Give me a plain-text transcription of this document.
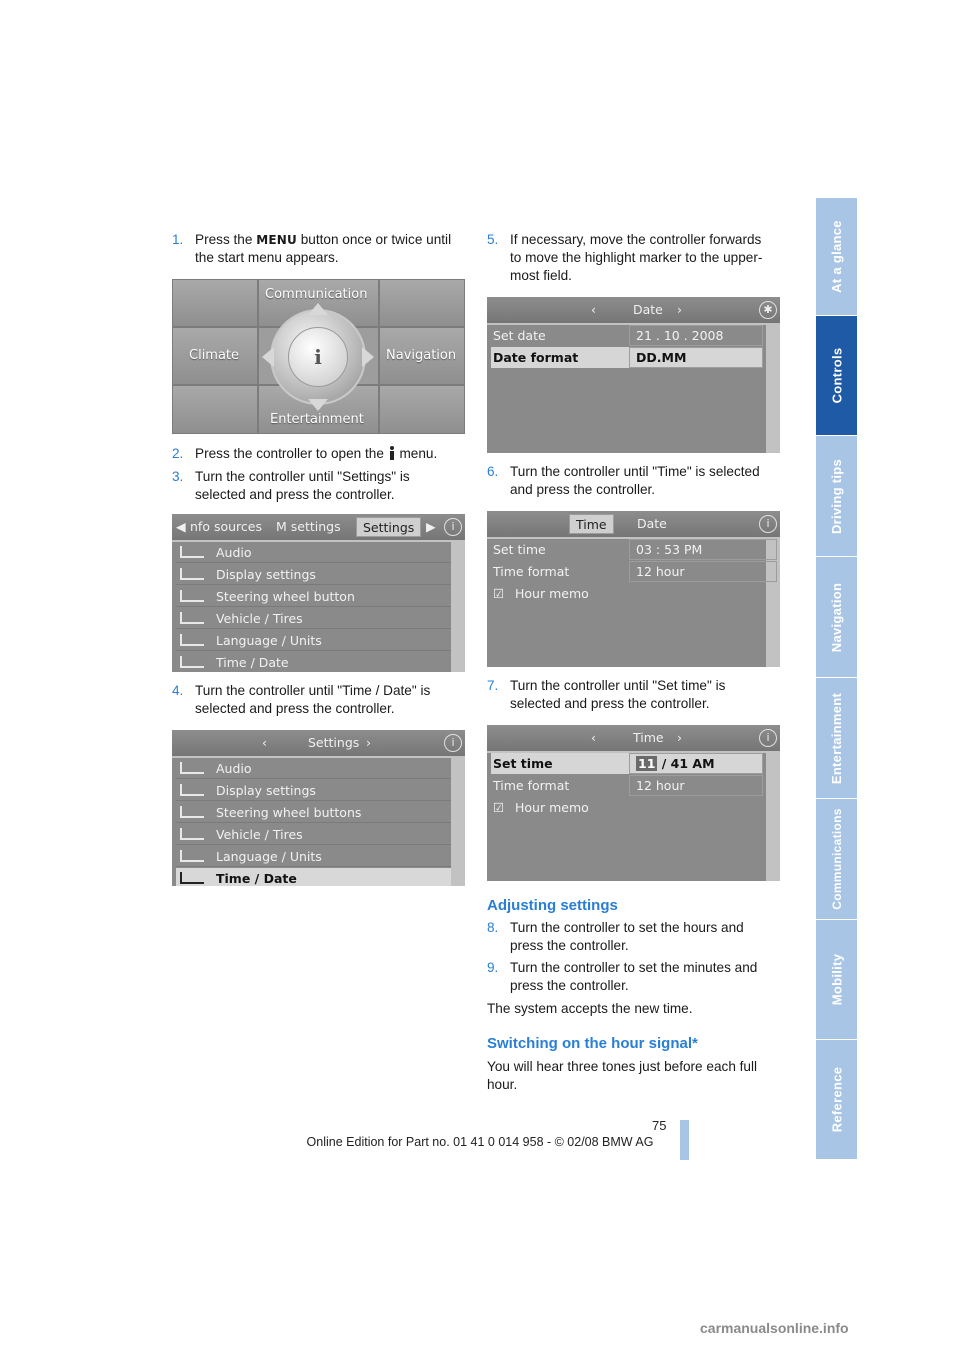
At a glance
Controls
Driving tips
Navigation
Entertainment
Communications
Mobility
Reference
1. Press the MENU button once or twice until
the start menu appears.
i
Communication
Climate	Navigation
Entertainment
2. Press the controller to open the menu.
3. Turn the controller until "Settings" is
selected and press the controller.
◀ nfo sources M settings	Settings ▶	i
Audio
Display settings
Steering wheel button
Vehicle / Tires
Language / Units
Time / Date
4. Turn the controller until "Time / Date" is
selected and press the controller.
‹	Settings ›	i
Audio
Display settings
Steering wheel buttons
Vehicle / Tires
Language / Units
Time / Date
5. If necessary, move the controller forwards
to move the highlight marker to the upper-
most field.
‹	Date ›	✱
Set date	21 . 10 . 2008
Date format	DD.MM
6. Turn the controller until "Time" is selected
and press the controller.
Time	Date	i
Set time	03 : 53 PM
Time format	12 hour
☑ Hour memo
7. Turn the controller until "Set time" is
selected and press the controller.
‹	Time ›	i
Set time	11 / 41 AM
Time format	12 hour
☑ Hour memo
Adjusting settings
8. Turn the controller to set the hours and
press the controller.
9. Turn the controller to set the minutes and
press the controller.
The system accepts the new time.
Switching on the hour signal*
You will hear three tones just before each full
hour.
75
Online Edition for Part no. 01 41 0 014 958 - © 02/08 BMW AG
carmanualsonline.info
